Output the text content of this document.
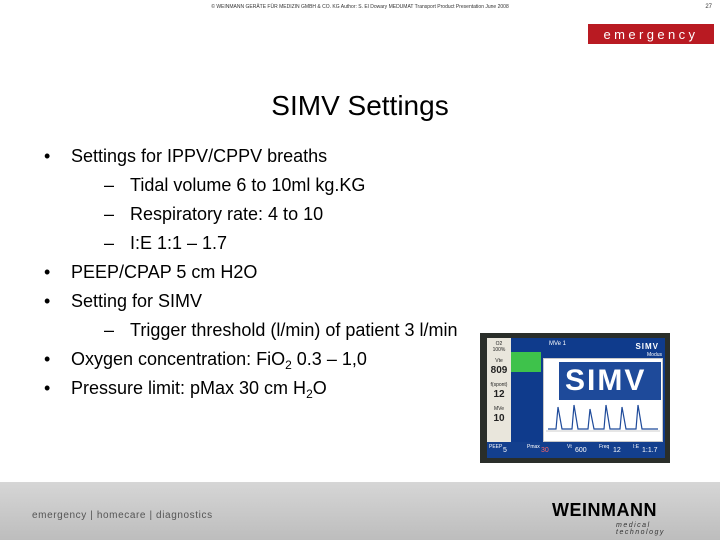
© WEINMANN GERÄTE FÜR MEDIZIN GMBH & CO. KG Author: S. El Dowary MEDUMAT Transport Product Presentation June 2008	27
emergency
SIMV Settings
• Settings for IPPV/CPPV breaths
– Tidal volume 6 to 10ml kg.KG
– Respiratory rate: 4 to 10
– I:E 1:1 – 1.7
• PEEP/CPAP 5 cm H2O
• Setting for SIMV
– Trigger threshold (l/min) of patient 3 l/min
• Oxygen concentration: FiO$_2$ 0.3 – 1,0
• Pressure limit: pMax 30 cm $H_2O$
O2
100%
Vte
809
f(spont)
12
MVe
10
MVe 1	SIMV
SIMV
Modus
PEEP 5	Pmax 30	Vt 600 Freq 12 I:E 1:1.7
emergency | homecare | diagnostics	WEINMANN
medical technology
